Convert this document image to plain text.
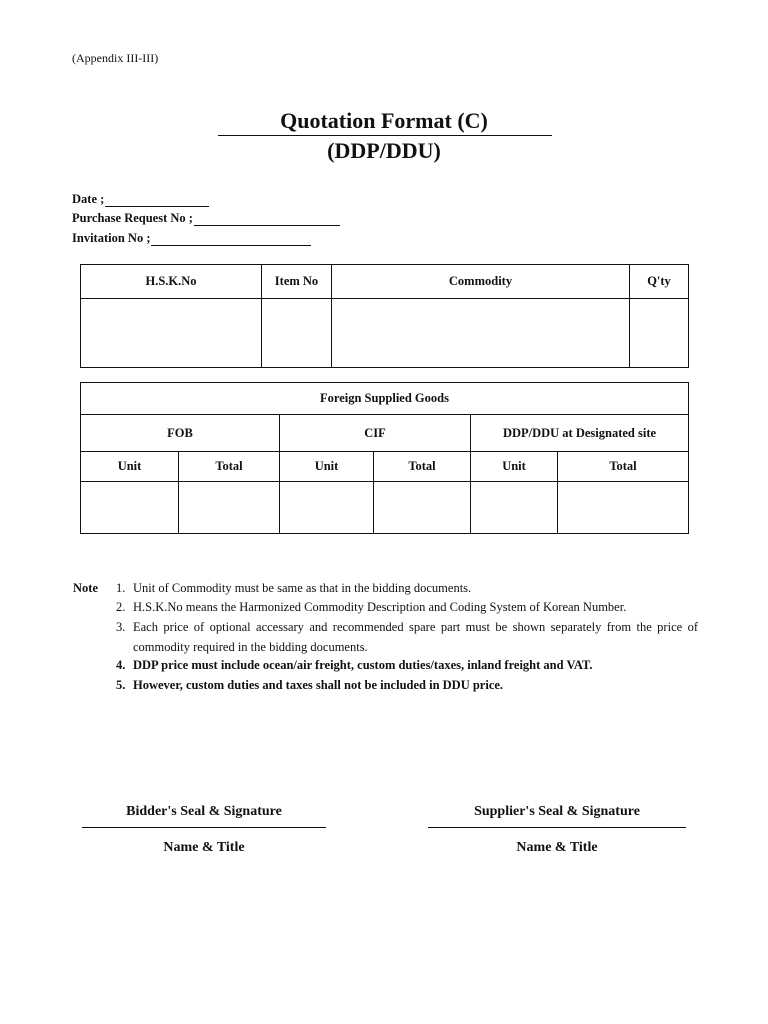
(Appendix III-III)
Quotation Format (C)
(DDP/DDU)
Date ;
Purchase Request No ;
Invitation No ;
H.S.K.No	Item No	Commodity	Q'ty

Foreign Supplied Goods					
FOB		CIF		DDP/DDU at Designated site	
Unit	Total	Unit	Total	Unit	Total

Note 1. Unit of Commodity must be same as that in the bidding documents.
2. H.S.K.No means the Harmonized Commodity Description and Coding System of Korean Number.
3. Each price of optional accessary and recommended spare part must be shown separately from the price of commodity required in the bidding documents.
4. DDP price must include ocean/air freight, custom duties/taxes, inland freight and VAT.
5. However, custom duties and taxes shall not be included in DDU price.
Bidder's Seal & Signature
Name & Title
Supplier's Seal & Signature
Name & Title
